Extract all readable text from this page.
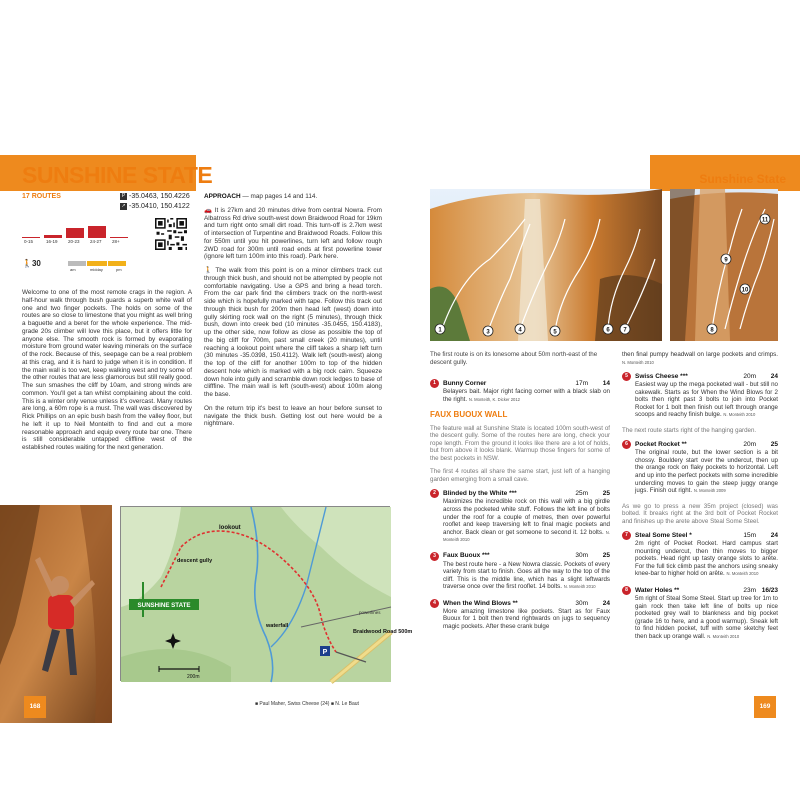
SUNSHINE STATE	Sunshine State
17 ROUTES	P -35.0463, 150.4226
↗ -35.0410, 150.4122
0-15	16-19 20-23 24-27 28+
🚶30
am	midday	pm
Welcome to one of the most remote crags in the region. A half-hour walk through bush guards a superb white wall of one and two finger pockets. The holds on some of the routes are so close to limestone that you might as well bring a baguette and a beret for the whole experience. The mid-grade 20s climber will love this place, but it offers little for anyone else. The smooth rock is formed by evaporating moisture from ground water leaving minerals on the surface of the rock. Because of this, seepage can be a real problem at this crag, and it is hard to judge when it is in condition. If the main wall is too wet, keep walking west and try some of the other routes that are less glamorous but still really good. The sun smashes the cliff by 10am, and strong winds are common. You'll get a tan whilst complaining about the cold. This is a winter only venue unless it's overcast. Many routes are long, a 60m rope is a must. The wall was discovered by Rick Phillips on an epic bush bash from the valley floor, but he left it up to Neil Monteith to find and cut a more reasonable approach and equip every route bar one. There is still considerable untapped cliffline west of the established routes waiting for the next generation.

APPROACH — map pages 14 and 114.

🚗 It is 27km and 20 minutes drive from central Nowra. From Albatross Rd drive south-west down Braidwood Road for 19km and turn right onto small dirt road. This turn-off is 2.7km west of intersection of Turpentine and Braidwood Roads. Follow this for 550m until you hit powerlines, turn left and follow rough 2WD road for 300m until road ends at first powerline tower (ignore left turn 100m into this road). Park here.

🚶 The walk from this point is on a minor climbers track cut through thick bush, and should not be attempted by people not comfortable navigating. Use a GPS and bring a head torch. From the car park find the climbers track on the north-west side which is hopefully marked with tape. Follow this track out through thick bush for 200m then head left (west) down into gully skirting rock wall on the right (5 minutes), through thick bush, down into creek bed (10 minutes -35.0455, 150.4183), up the other side, now follow as close as possible the top of the big cliff for 700m, past small creek (20 minutes), until reaching a lookout point where the cliff takes a sharp left turn (30 minutes -35.0398, 150.4112). Walk left (south-west) along the top of the cliff for another 100m to top of the hidden descent hole which is marked with a big rock cairn. Squeeze down hole into gully and scramble down rock ledges to base of clifffine. The main wall is left (south-west) about 100m along the base.

On the return trip it's best to leave an hour before sunset to navigate the thick bush. Getting lost out here would be a nightmare.

P
SUNSHINE STATE
lookout
descent gully
waterfall
Braidwood Road 500m
powerlines
200m
■ Paul Maher, Swiss Cheese (24) ■ N. Le Baut
168	169
1	3	4	5	6 7	8
9
10
11
The first route is on its lonesome about 50m north-east of the descent gully.
1	Bunny Corner	17m	14
Belayers bait. Major right facing corner with a black slab on the right. N. Monteith, K. Dicker 2012
FAUX BUOUX WALL

The feature wall at Sunshine State is located 100m south-west of the descent gully. Some of the routes here are long, check your rope length. From the ground it looks like there are a lot of holds, but from above it looks blank. Warmup those fingers for some of the best pockets in NSW.

The first 4 routes all share the same start, just left of a hanging garden emerging from a small cave.

2	Blinded by the White ***	25m	25
Maximizes the incredible rock on this wall with a big girdle across the pocketed white stuff. Follows the left line of bolts under the roof for a couple of metres, then over powerful rooflet and keep traversing left to final magic pockets and anchor. Back clean or get someone to second it. 12 bolts. N. Monteith 2010
3	Faux Buoux ***	30m	25
The best route here - a New Nowra classic. Pockets of every variety from start to finish. Goes all the way to the top of the cliff. This is the middle line, which has a slight leftwards traverse once over the first rooflet. 14 bolts. N. Monteith 2010
4	When the Wind Blows **	30m	24
More amazing limestone like pockets. Start as for Faux Buoux for 1 bolt then trend rightwards on jugs to sequency magic pockets. After these crank bulge

then final pumpy headwall on large pockets and crimps. N. Monteith 2010

5	Swiss Cheese ***	20m	24
Easiest way up the mega pocketed wall - but still no cakewalk. Starts as for When the Wind Blows for 2 bolts then right past 3 bolts to join into Pocket Rocket for 1 bolt then finish out left through orange scoops and reachy finish bulge. N. Monteith 2010

The next route starts right of the hanging garden.

6	Pocket Rocket **	20m	25
The original route, but the lower section is a bit chossy. Bouldery start over the undercut, then up the orange rock on flaky pockets to horizontal. Left and up into the perfect pockets with some incredible undercling moves to gain the steep juggy orange jugs. Finish out right. N. Monteith 2009

As we go to press a new 35m project (closed) was bolted. It breaks right at the 3rd bolt of Pocket Rocket and finishes up the arete above Steal Some Steel.

7	Steal Some Steel *	15m	24
2m right of Pocket Rocket. Hard campus start mounting undercut, then thin moves to bigger pockets. Head right up tasty orange slots to arête. For the full tick climb past the anchors using sneaky knee-bar to higher hold on arête. N. Monteith 2010
8	Water Holes **	23m 16/23
5m right of Steal Some Steel. Start up tree for 1m to gain rock then take left line of bolts up nice pocketed grey wall to blankness and big pocket (grade 16 to here, and a good warmup). Sneak left to find hidden pocket, tuff with some sketchy feet then back up orange wall. N. Monteith 2010
